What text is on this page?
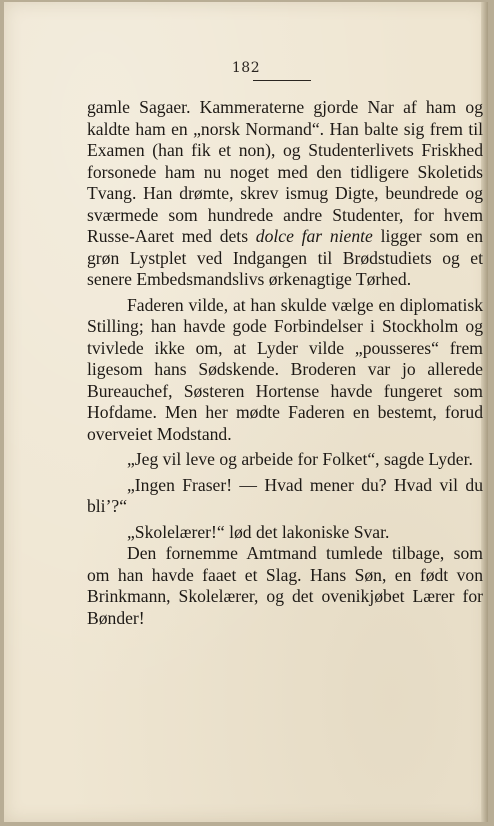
182

gamle Sagaer. Kammeraterne gjorde Nar af ham og kaldte ham en „norsk Normand“. Han balte sig frem til Examen (han fik et non), og Studenterlivets Friskhed forsonede ham nu noget med den tidligere Skoletids Tvang. Han drømte, skrev ismug Digte, beundrede og sværmede som hundrede andre Studenter, for hvem Russe-Aaret med dets dolce far niente ligger som en grøn Lystplet ved Indgangen til Brødstudiets og et senere Embedsmandslivs ørkenagtige Tørhed.

Faderen vilde, at han skulde vælge en diplomatisk Stilling; han havde gode Forbindelser i Stockholm og tvivlede ikke om, at Lyder vilde „pousseres“ frem ligesom hans Sødskende. Broderen var jo allerede Bureauchef, Søsteren Hortense havde fungeret som Hofdame. Men her mødte Faderen en bestemt, forud overveiet Modstand.

„Jeg vil leve og arbeide for Folket“, sagde Lyder.

„Ingen Fraser! — Hvad mener du? Hvad vil du bli’?“

„Skolelærer!“ lød det lakoniske Svar.

Den fornemme Amtmand tumlede tilbage, som om han havde faaet et Slag. Hans Søn, en født von Brinkmann, Skolelærer, og det ovenikjøbet Lærer for Bønder!
